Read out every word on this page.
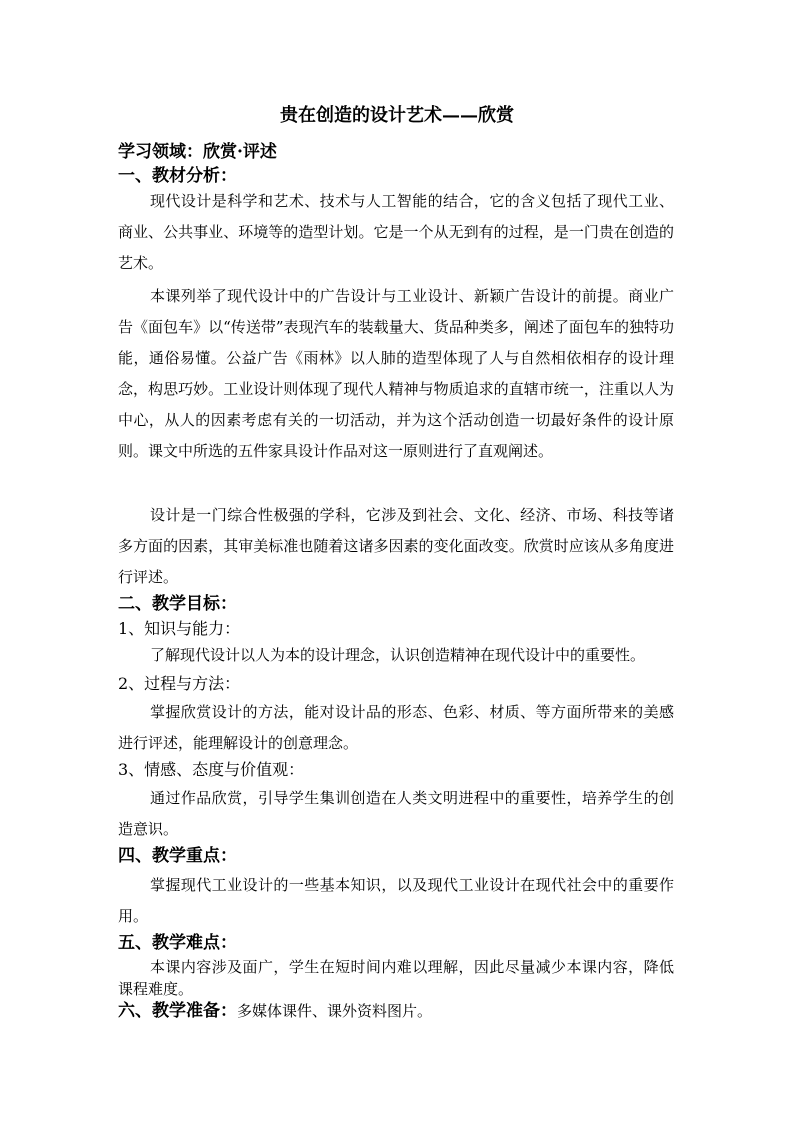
贵在创造的设计艺术——欣赏
学习领域：欣赏·评述
一、教材分析：

现代设计是科学和艺术、技术与人工智能的结合，它的含义包括了现代工业、商业、公共事业、环境等的造型计划。它是一个从无到有的过程，是一门贵在创造的艺术。

本课列举了现代设计中的广告设计与工业设计、新颖广告设计的前提。商业广告《面包车》以“传送带”表现汽车的装载量大、货品种类多，阐述了面包车的独特功能，通俗易懂。公益广告《雨林》以人肺的造型体现了人与自然相依相存的设计理念，构思巧妙。工业设计则体现了现代人精神与物质追求的直辖市统一，注重以人为中心，从人的因素考虑有关的一切活动，并为这个活动创造一切最好条件的设计原则。课文中所选的五件家具设计作品对这一原则进行了直观阐述。

设计是一门综合性极强的学科，它涉及到社会、文化、经济、市场、科技等诸多方面的因素，其审美标准也随着这诸多因素的变化面改变。欣赏时应该从多角度进行评述。

二、教学目标：
1、知识与能力：

了解现代设计以人为本的设计理念，认识创造精神在现代设计中的重要性。

2、过程与方法：

掌握欣赏设计的方法，能对设计品的形态、色彩、材质、等方面所带来的美感进行评述，能理解设计的创意理念。

3、情感、态度与价值观：

通过作品欣赏，引导学生集训创造在人类文明进程中的重要性，培养学生的创造意识。

四、教学重点：

掌握现代工业设计的一些基本知识，以及现代工业设计在现代社会中的重要作用。

五、教学难点：

本课内容涉及面广，学生在短时间内难以理解，因此尽量减少本课内容，降低课程难度。

六、教学准备：多媒体课件、课外资料图片。
